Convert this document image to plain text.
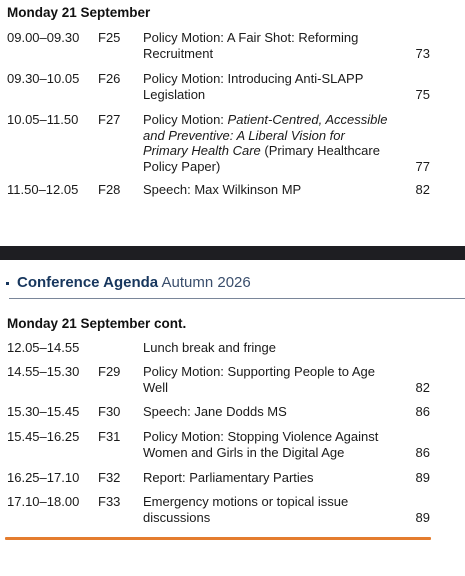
Monday 21 September
09.00–09.30 F25 Policy Motion: A Fair Shot: Reforming Recruitment	73
09.30–10.05 F26 Policy Motion: Introducing Anti-SLAPP Legislation	75
10.05–11.50 F27 Policy Motion: Patient-Centred, Accessible and Preventive: A Liberal Vision for Primary Health Care (Primary Healthcare Policy Paper)	77
11.50–12.05 F28 Speech: Max Wilkinson MP	82
Conference Agenda Autumn 2026
Monday 21 September cont.
12.05–14.55	Lunch break and fringe
14.55–15.30 F29 Policy Motion: Supporting People to Age Well	82
15.30–15.45 F30 Speech: Jane Dodds MS	86
15.45–16.25 F31 Policy Motion: Stopping Violence Against Women and Girls in the Digital Age	86
16.25–17.10 F32 Report: Parliamentary Parties	89
17.10–18.00 F33 Emergency motions or topical issue discussions	89
